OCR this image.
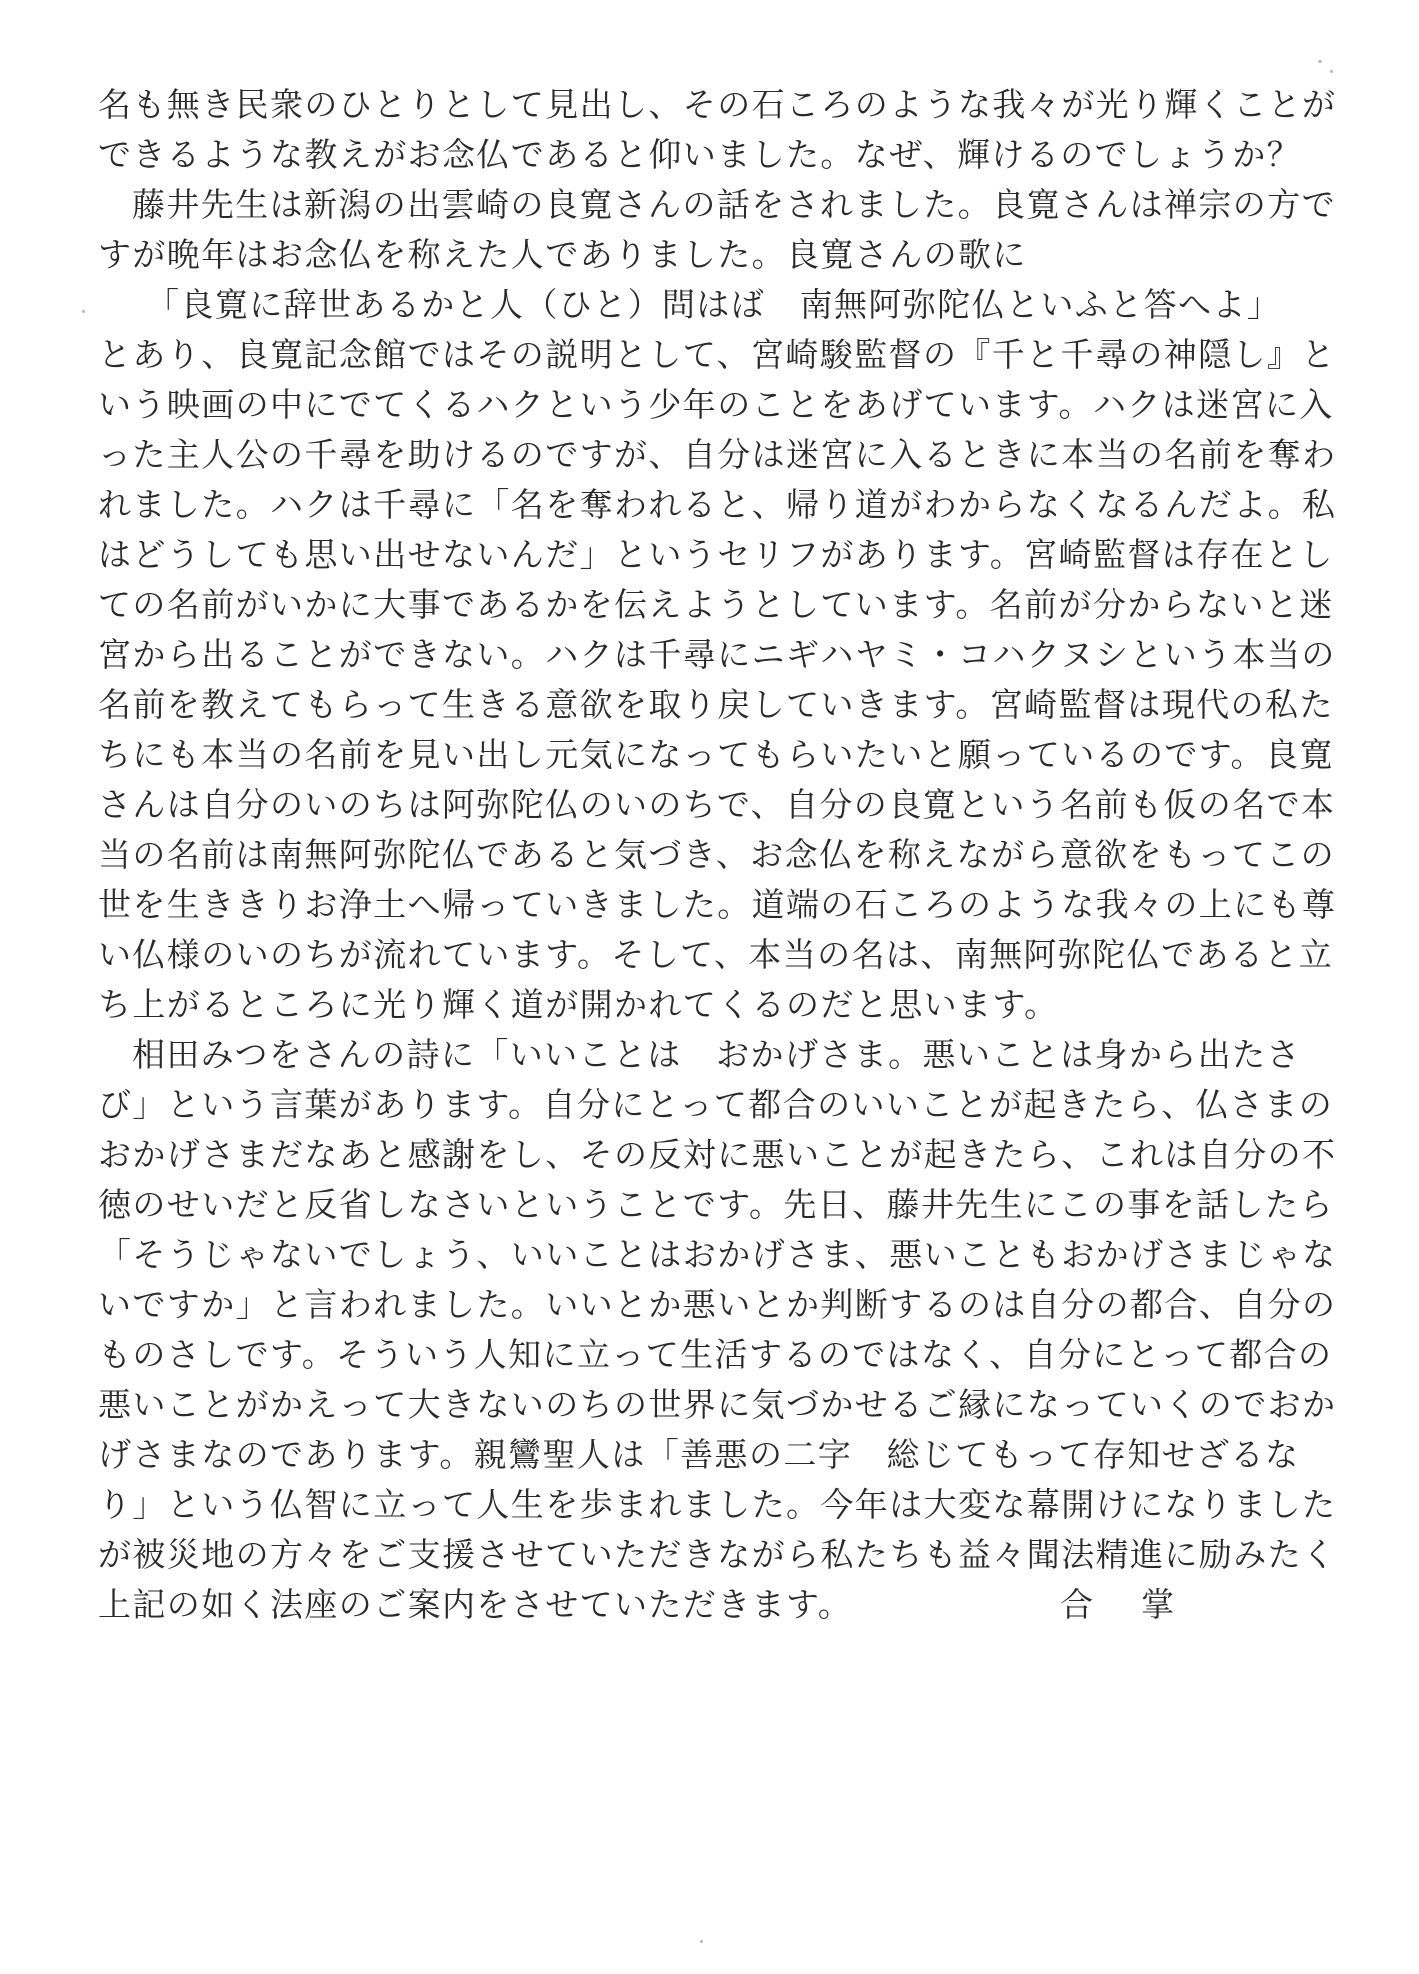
名も無き民衆のひとりとして見出し、その石ころのような我々が光り輝くことが
できるような教えがお念仏であると仰いました。なぜ、輝けるのでしょうか？
藤井先生は新潟の出雲崎の良寛さんの話をされました。良寛さんは禅宗の方で
すが晩年はお念仏を称えた人でありました。良寛さんの歌に
「良寛に辞世あるかと人（ひと）問はば　南無阿弥陀仏といふと答へよ」
とあり、良寛記念館ではその説明として、宮崎駿監督の『千と千尋の神隠し』と
いう映画の中にでてくるハクという少年のことをあげています。ハクは迷宮に入
った主人公の千尋を助けるのですが、自分は迷宮に入るときに本当の名前を奪わ
れました。ハクは千尋に「名を奪われると、帰り道がわからなくなるんだよ。私
はどうしても思い出せないんだ」というセリフがあります。宮崎監督は存在とし
ての名前がいかに大事であるかを伝えようとしています。名前が分からないと迷
宮から出ることができない。ハクは千尋にニギハヤミ・コハクヌシという本当の
名前を教えてもらって生きる意欲を取り戻していきます。宮崎監督は現代の私た
ちにも本当の名前を見い出し元気になってもらいたいと願っているのです。良寛
さんは自分のいのちは阿弥陀仏のいのちで、自分の良寛という名前も仮の名で本
当の名前は南無阿弥陀仏であると気づき、お念仏を称えながら意欲をもってこの
世を生ききりお浄土へ帰っていきました。道端の石ころのような我々の上にも尊
い仏様のいのちが流れています。そして、本当の名は、南無阿弥陀仏であると立
ち上がるところに光り輝く道が開かれてくるのだと思います。
相田みつをさんの詩に「いいことは　おかげさま。悪いことは身から出たさ
び」という言葉があります。自分にとって都合のいいことが起きたら、仏さまの
おかげさまだなあと感謝をし、その反対に悪いことが起きたら、これは自分の不
徳のせいだと反省しなさいということです。先日、藤井先生にこの事を話したら
「そうじゃないでしょう、いいことはおかげさま、悪いこともおかげさまじゃな
いですか」と言われました。いいとか悪いとか判断するのは自分の都合、自分の
ものさしです。そういう人知に立って生活するのではなく、自分にとって都合の
悪いことがかえって大きないのちの世界に気づかせるご縁になっていくのでおか
げさまなのであります。親鸞聖人は「善悪の二字　総じてもって存知せざるな
り」という仏智に立って人生を歩まれました。今年は大変な幕開けになりました
が被災地の方々をご支援させていただきながら私たちも益々聞法精進に励みたく
上記の如く法座のご案内をさせていただきます。	合掌
